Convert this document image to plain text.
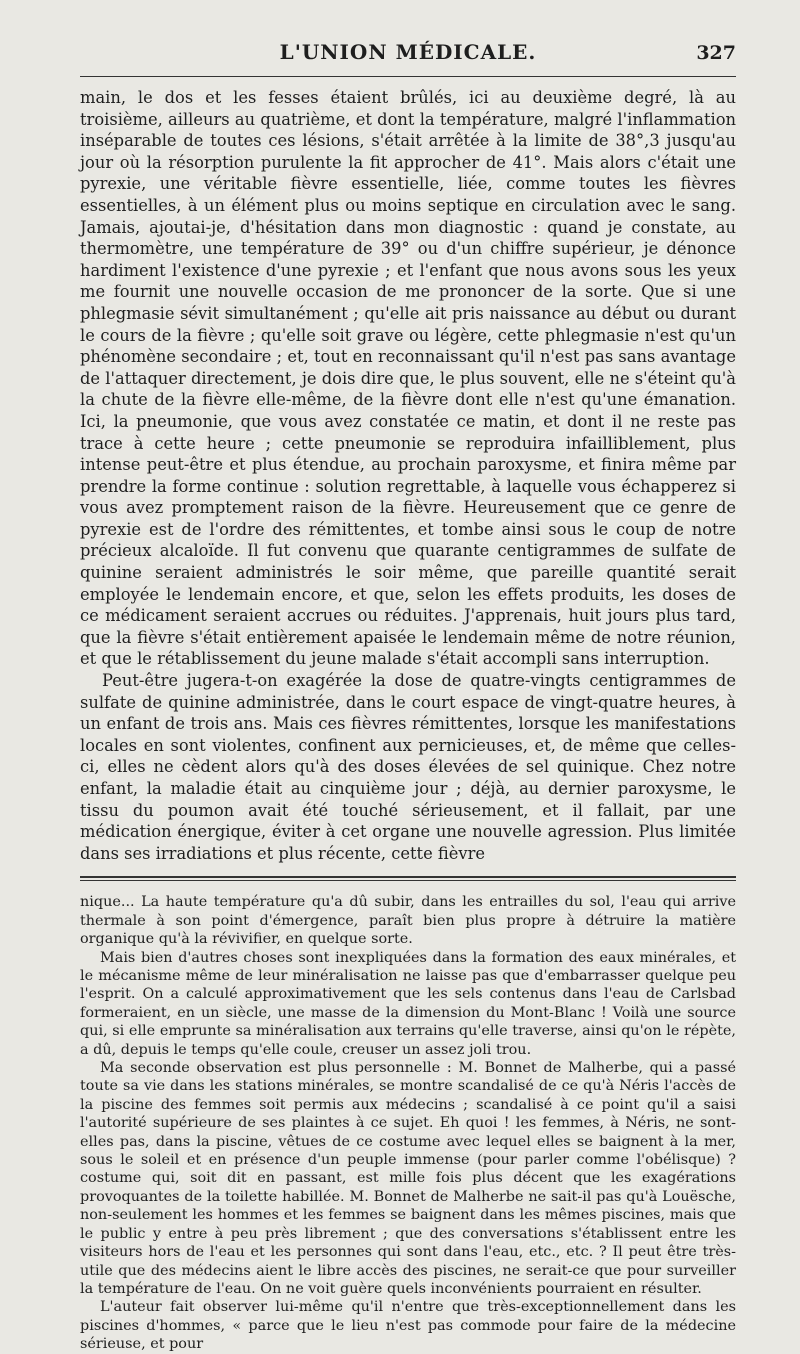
L'UNION MÉDICALE.	327

main, le dos et les fesses étaient brûlés, ici au deuxième degré, là au troisième, ailleurs au quatrième, et dont la température, malgré l'inflammation inséparable de toutes ces lésions, s'était arrêtée à la limite de 38°,3 jusqu'au jour où la résorption purulente la fit approcher de 41°. Mais alors c'était une pyrexie, une véritable fièvre essentielle, liée, comme toutes les fièvres essentielles, à un élément plus ou moins septique en circulation avec le sang. Jamais, ajoutai-je, d'hésitation dans mon diagnostic : quand je constate, au thermomètre, une température de 39° ou d'un chiffre supérieur, je dénonce hardiment l'existence d'une pyrexie ; et l'enfant que nous avons sous les yeux me fournit une nouvelle occasion de me prononcer de la sorte. Que si une phlegmasie sévit simultanément ; qu'elle ait pris naissance au début ou durant le cours de la fièvre ; qu'elle soit grave ou légère, cette phlegmasie n'est qu'un phénomène secondaire ; et, tout en reconnaissant qu'il n'est pas sans avantage de l'attaquer directement, je dois dire que, le plus souvent, elle ne s'éteint qu'à la chute de la fièvre elle-même, de la fièvre dont elle n'est qu'une émanation. Ici, la pneumonie, que vous avez constatée ce matin, et dont il ne reste pas trace à cette heure ; cette pneumonie se reproduira infailliblement, plus intense peut-être et plus étendue, au prochain paroxysme, et finira même par prendre la forme continue : solution regrettable, à laquelle vous échapperez si vous avez promptement raison de la fièvre. Heureusement que ce genre de pyrexie est de l'ordre des rémittentes, et tombe ainsi sous le coup de notre précieux alcaloïde. Il fut convenu que quarante centigrammes de sulfate de quinine seraient administrés le soir même, que pareille quantité serait employée le lendemain encore, et que, selon les effets produits, les doses de ce médicament seraient accrues ou réduites. J'apprenais, huit jours plus tard, que la fièvre s'était entièrement apaisée le lendemain même de notre réunion, et que le rétablissement du jeune malade s'était accompli sans interruption.

Peut-être jugera-t-on exagérée la dose de quatre-vingts centigrammes de sulfate de quinine administrée, dans le court espace de vingt-quatre heures, à un enfant de trois ans. Mais ces fièvres rémittentes, lorsque les manifestations locales en sont violentes, confinent aux pernicieuses, et, de même que celles-ci, elles ne cèdent alors qu'à des doses élevées de sel quinique. Chez notre enfant, la maladie était au cinquième jour ; déjà, au dernier paroxysme, le tissu du poumon avait été touché sérieusement, et il fallait, par une médication énergique, éviter à cet organe une nouvelle agression. Plus limitée dans ses irradiations et plus récente, cette fièvre

nique... La haute température qu'a dû subir, dans les entrailles du sol, l'eau qui arrive thermale à son point d'émergence, paraît bien plus propre à détruire la matière organique qu'à la révivifier, en quelque sorte.

Mais bien d'autres choses sont inexpliquées dans la formation des eaux minérales, et le mécanisme même de leur minéralisation ne laisse pas que d'embarrasser quelque peu l'esprit. On a calculé approximativement que les sels contenus dans l'eau de Carlsbad formeraient, en un siècle, une masse de la dimension du Mont-Blanc ! Voilà une source qui, si elle emprunte sa minéralisation aux terrains qu'elle traverse, ainsi qu'on le répète, a dû, depuis le temps qu'elle coule, creuser un assez joli trou.

Ma seconde observation est plus personnelle : M. Bonnet de Malherbe, qui a passé toute sa vie dans les stations minérales, se montre scandalisé de ce qu'à Néris l'accès de la piscine des femmes soit permis aux médecins ; scandalisé à ce point qu'il a saisi l'autorité supérieure de ses plaintes à ce sujet. Eh quoi ! les femmes, à Néris, ne sont-elles pas, dans la piscine, vêtues de ce costume avec lequel elles se baignent à la mer, sous le soleil et en présence d'un peuple immense (pour parler comme l'obélisque) ? costume qui, soit dit en passant, est mille fois plus décent que les exagérations provoquantes de la toilette habillée. M. Bonnet de Malherbe ne sait-il pas qu'à Louësche, non-seulement les hommes et les femmes se baignent dans les mêmes piscines, mais que le public y entre à peu près librement ; que des conversations s'établissent entre les visiteurs hors de l'eau et les personnes qui sont dans l'eau, etc., etc. ? Il peut être très-utile que des médecins aient le libre accès des piscines, ne serait-ce que pour surveiller la température de l'eau. On ne voit guère quels inconvénients pourraient en résulter.

L'auteur fait observer lui-même qu'il n'entre que très-exceptionnellement dans les piscines d'hommes, « parce que le lieu n'est pas commode pour faire de la médecine sérieuse, et pour
